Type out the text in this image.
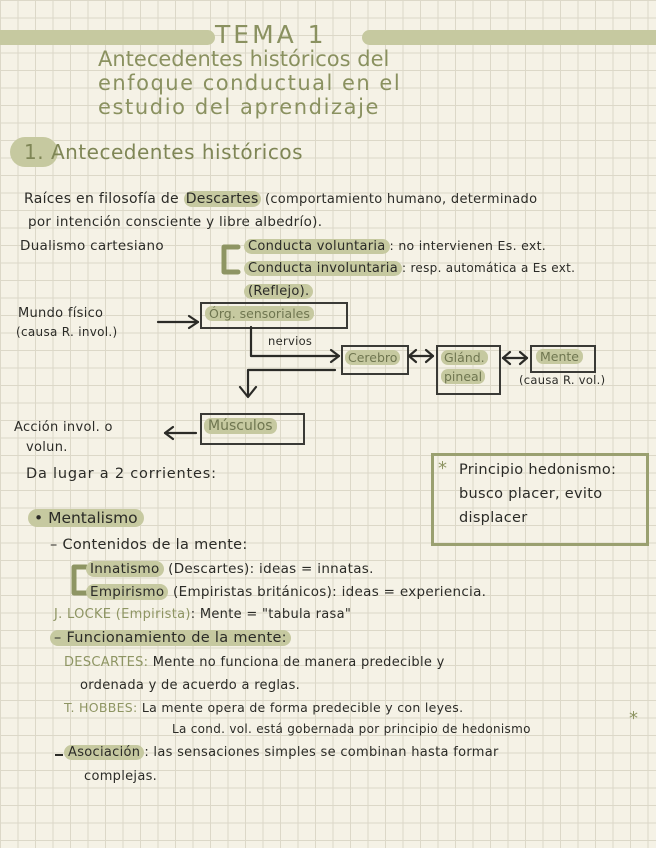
TEMA 1
Antecedentes históricos del
enfoque conductual en el
estudio del aprendizaje
1. Antecedentes históricos
Raíces en filosofía de Descartes (comportamiento humano, determinado
por intención consciente y libre albedrío).
Dualismo cartesiano	Conducta voluntaria : no intervienen Es. ext.
Conducta involuntaria : resp. automática a Es ext.
(Reflejo).
Órg. sensoriales
Cerebro	Glánd.
pineal
Mente
Músculos
Mundo físico
(causa R. invol.)
nervios
(causa R. vol.)
Acción invol. o
volun.
Da lugar a 2 corrientes:	* Principio hedonismo:
busco placer, evito
displacer
• Mentalismo
– Contenidos de la mente:
Innatismo (Descartes): ideas = innatas.
Empirismo (Empiristas británicos): ideas = experiencia.
J. LOCKE (Empirista): Mente = "tabula rasa"
– Funcionamiento de la mente:
DESCARTES: Mente no funciona de manera predecible y
ordenada y de acuerdo a reglas.
T. HOBBES: La mente opera de forma predecible y con leyes.
La cond. vol. está gobernada por principio de hedonismo	*
Asociación : las sensaciones simples se combinan hasta formar
complejas.
